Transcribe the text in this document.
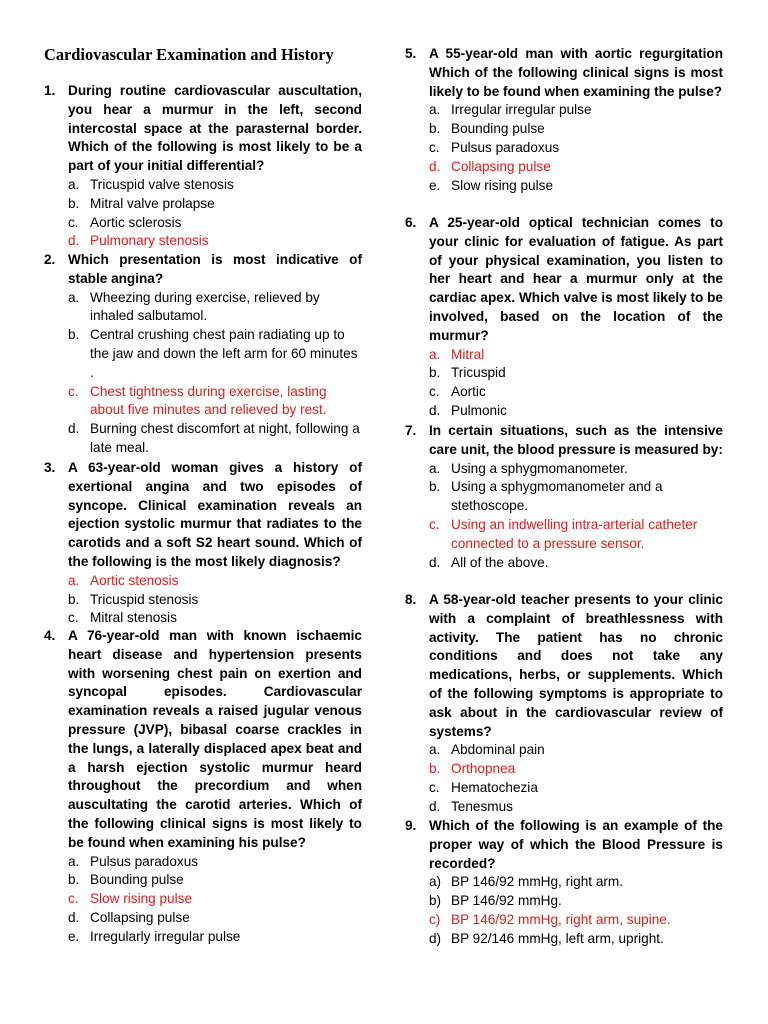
Cardiovascular Examination and History
1. During routine cardiovascular auscultation, you hear a murmur in the left, second intercostal space at the parasternal border. Which of the following is most likely to be a part of your initial differential?
a. Tricuspid valve stenosis
b. Mitral valve prolapse
c. Aortic sclerosis
d. Pulmonary stenosis
2. Which presentation is most indicative of stable angina?
a. Wheezing during exercise, relieved by inhaled salbutamol.
b. Central crushing chest pain radiating up to the jaw and down the left arm for 60 minutes .
c. Chest tightness during exercise, lasting about five minutes and relieved by rest.
d. Burning chest discomfort at night, following a late meal.
3. A 63-year-old woman gives a history of exertional angina and two episodes of syncope. Clinical examination reveals an ejection systolic murmur that radiates to the carotids and a soft S2 heart sound. Which of the following is the most likely diagnosis?
a. Aortic stenosis
b. Tricuspid stenosis
c. Mitral stenosis
4. A 76-year-old man with known ischaemic heart disease and hypertension presents with worsening chest pain on exertion and syncopal episodes. Cardiovascular examination reveals a raised jugular venous pressure (JVP), bibasal coarse crackles in the lungs, a laterally displaced apex beat and a harsh ejection systolic murmur heard throughout the precordium and when auscultating the carotid arteries. Which of the following clinical signs is most likely to be found when examining his pulse?
a. Pulsus paradoxus
b. Bounding pulse
c. Slow rising pulse
d. Collapsing pulse
e. Irregularly irregular pulse
5. A 55-year-old man with aortic regurgitation Which of the following clinical signs is most likely to be found when examining the pulse?
a. Irregular irregular pulse
b. Bounding pulse
c. Pulsus paradoxus
d. Collapsing pulse
e. Slow rising pulse
6. A 25-year-old optical technician comes to your clinic for evaluation of fatigue. As part of your physical examination, you listen to her heart and hear a murmur only at the cardiac apex. Which valve is most likely to be involved, based on the location of the murmur?
a. Mitral
b. Tricuspid
c. Aortic
d. Pulmonic
7. In certain situations, such as the intensive care unit, the blood pressure is measured by:
a. Using a sphygmomanometer.
b. Using a sphygmomanometer and a stethoscope.
c. Using an indwelling intra-arterial catheter connected to a pressure sensor.
d. All of the above.
8. A 58-year-old teacher presents to your clinic with a complaint of breathlessness with activity. The patient has no chronic conditions and does not take any medications, herbs, or supplements. Which of the following symptoms is appropriate to ask about in the cardiovascular review of systems?
a. Abdominal pain
b. Orthopnea
c. Hematochezia
d. Tenesmus
9. Which of the following is an example of the proper way of which the Blood Pressure is recorded?
a) BP 146/92 mmHg, right arm.
b) BP 146/92 mmHg.
c) BP 146/92 mmHg, right arm, supine.
d) BP 92/146 mmHg, left arm, upright.
